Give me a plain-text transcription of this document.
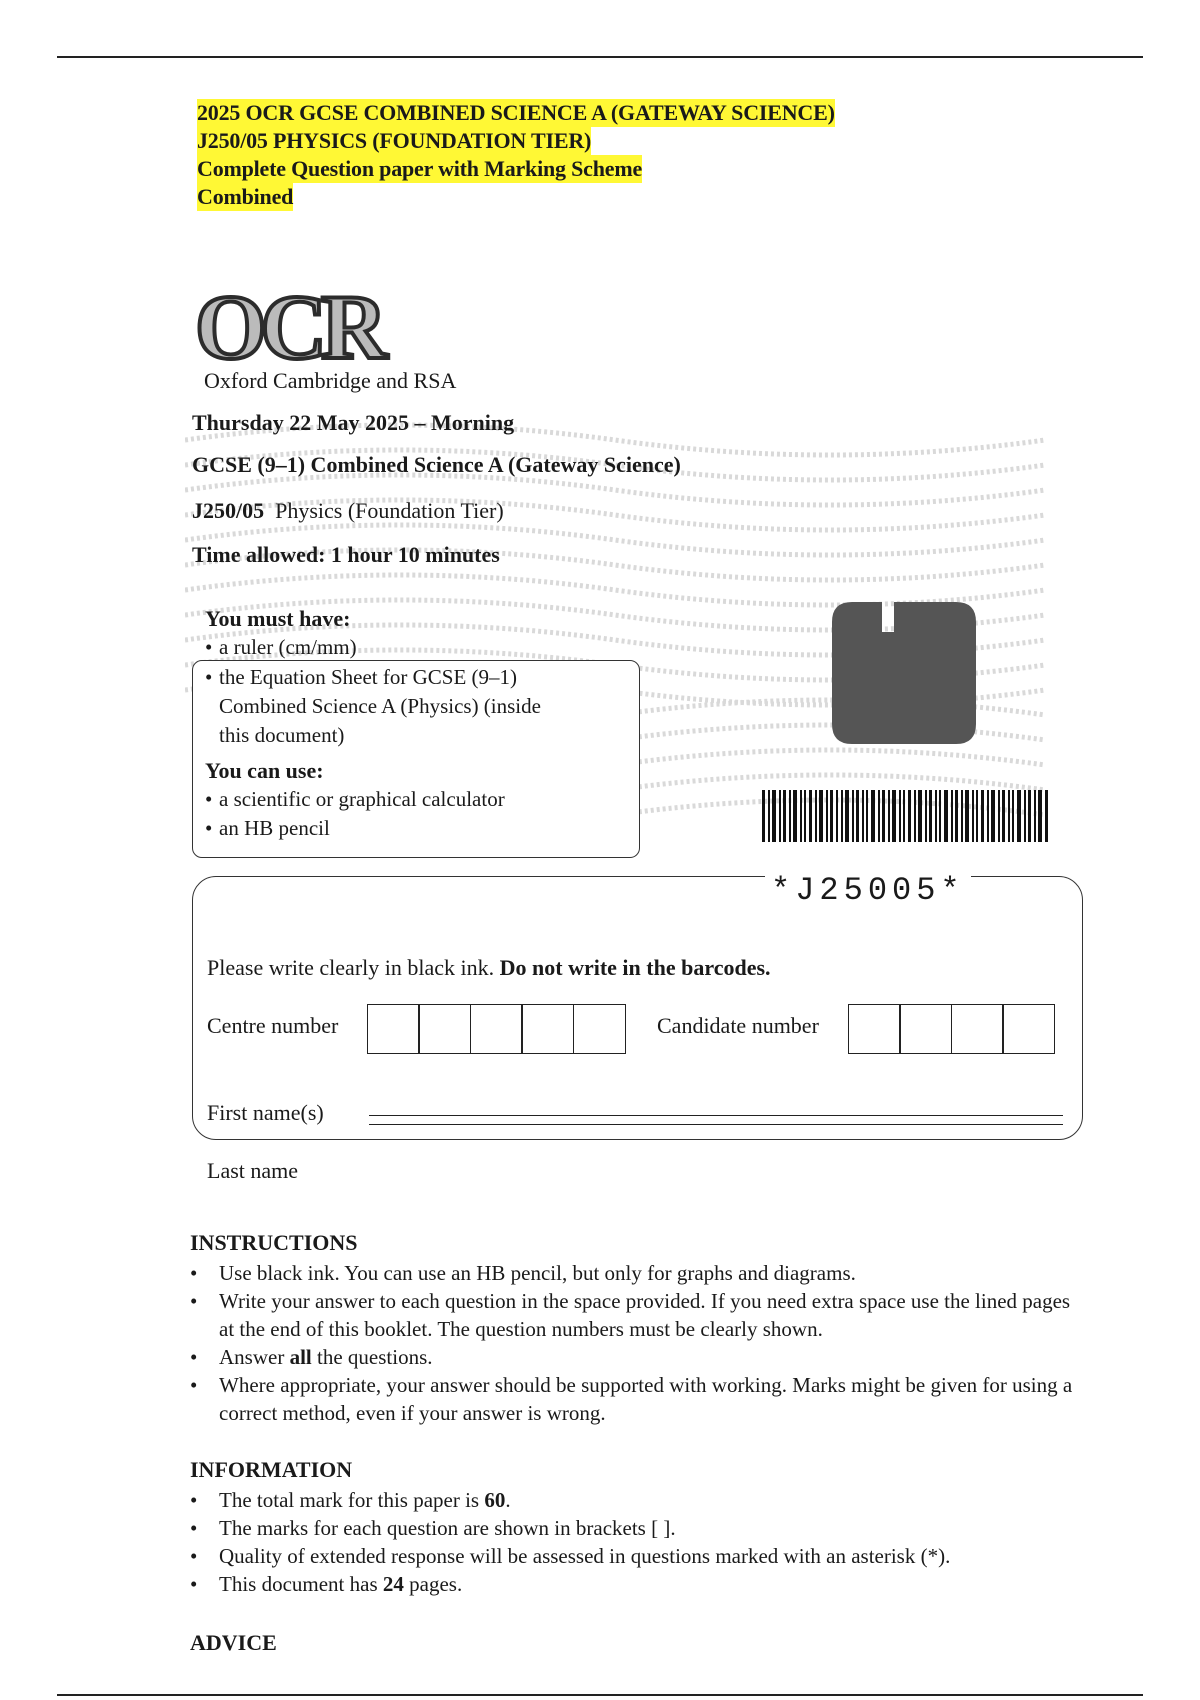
2025 OCR GCSE COMBINED SCIENCE A (GATEWAY SCIENCE)
J250/05 PHYSICS (FOUNDATION TIER)
Complete Question paper with Marking Scheme
Combined
OCR
Oxford Cambridge and RSA
Thursday 22 May 2025 – Morning
GCSE (9–1) Combined Science A (Gateway Science)
J250/05 Physics (Foundation Tier)
Time allowed: 1 hour 10 minutes
You must have:
• a ruler (cm/mm)
• the Equation Sheet for GCSE (9–1) Combined Science A (Physics) (inside this document)
You can use:
• a scientific or graphical calculator
• an HB pencil
*J25005*
Please write clearly in black ink. Do not write in the barcodes.
Centre number	Candidate number
First name(s)
Last name
INSTRUCTIONS
•	Use black ink. You can use an HB pencil, but only for graphs and diagrams.
•	Write your answer to each question in the space provided. If you need extra space use the lined pages at the end of this booklet. The question numbers must be clearly shown.
•	Answer all the questions.
•	Where appropriate, your answer should be supported with working. Marks might be given for using a correct method, even if your answer is wrong.
INFORMATION
•	The total mark for this paper is 60.
•	The marks for each question are shown in brackets [ ].
•	Quality of extended response will be assessed in questions marked with an asterisk (*).
•	This document has 24 pages.
ADVICE
